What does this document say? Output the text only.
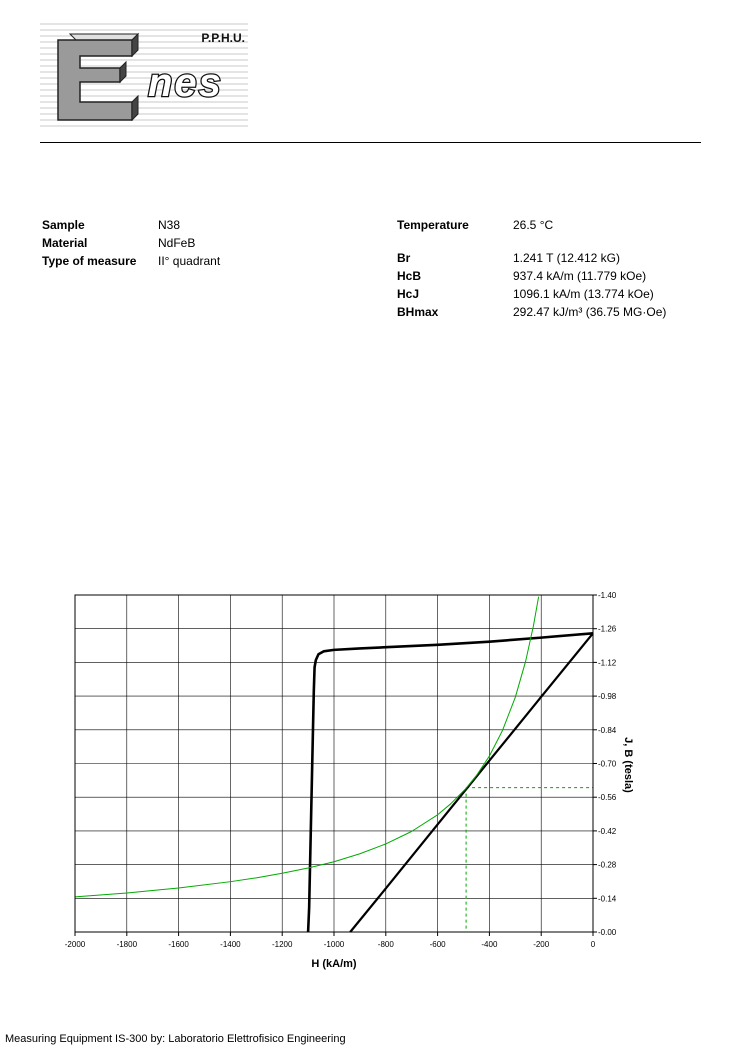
P.P.H.U.
nes
Sample	N38
Material	NdFeB
Type of measure II° quadrant
Temperature	26.5 °C
Br	1.241 T (12.412 kG)
HcB	937.4 kA/m (11.779 kOe)
HcJ	1096.1 kA/m (13.774 kOe)
BHmax	292.47 kJ/m³ (36.75 MG·Oe)
-2000	-1800	-1600	-1400	-1200	-1000	-800	-600	-400	-200	0
-0.00
-0.14
-0.28
-0.42
-0.56
-0.70
-0.84
-0.98
-1.12
-1.26
-1.40
H (kA/m)
J, B (tesla)
Measuring Equipment IS-300 by: Laboratorio Elettrofisico Engineering
